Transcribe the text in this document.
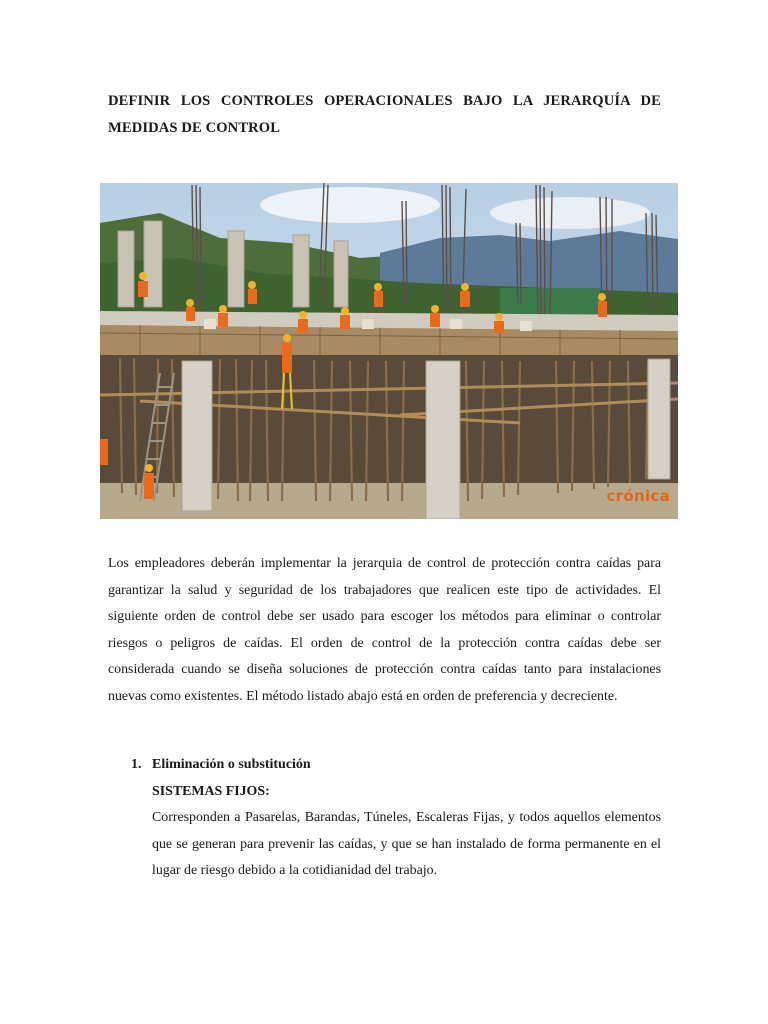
DEFINIR LOS CONTROLES OPERACIONALES BAJO LA JERARQUÍA DE MEDIDAS DE CONTROL
crónica
Los empleadores deberán implementar la jerarquia de control de protección contra caídas para garantizar la salud y seguridad de los trabajadores que realicen este tipo de actividades. El siguiente orden de control debe ser usado para escoger los métodos para eliminar o controlar riesgos o peligros de caídas. El orden de control de la protección contra caídas debe ser considerada cuando se diseña soluciones de protección contra caídas tanto para instalaciones nuevas como existentes. El método listado abajo está en orden de preferencia y decreciente.
1. Eliminación o substitución
SISTEMAS FIJOS:
Corresponden a Pasarelas, Barandas, Túneles, Escaleras Fijas, y todos aquellos elementos que se generan para prevenir las caídas, y que se han instalado de forma permanente en el lugar de riesgo debido a la cotidianidad del trabajo.
